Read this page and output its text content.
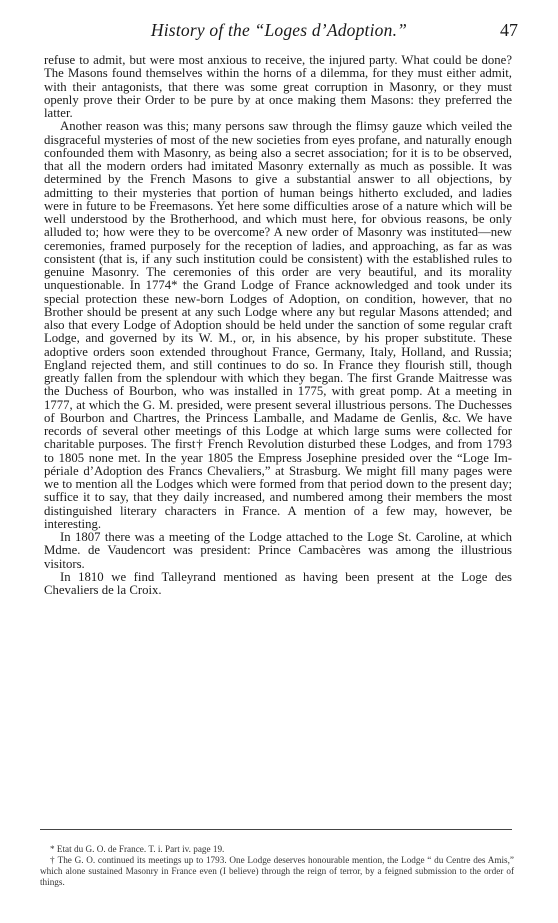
History of the “Loges d’Adoption.”	47

refuse to admit, but were most anxious to receive, the injured party. What could be done? The Masons found themselves within the horns of a dilemma, for they must either admit, with their antagonists, that there was some great corruption in Masonry, or they must openly prove their Order to be pure by at once making them Masons: they preferred the latter.

Another reason was this; many persons saw through the flimsy gauze which veiled the disgraceful mysteries of most of the new societies from eyes profane, and naturally enough confounded them with Masonry, as being also a secret association; for it is to be observed, that all the modern orders had imitated Masonry externally as much as possible. It was determined by the French Masons to give a substantial answer to all objections, by admitting to their mysteries that portion of human beings hitherto excluded, and ladies were in future to be Freemasons. Yet here some difficulties arose of a nature which will be well understood by the Brotherhood, and which must here, for obvious reasons, be only alluded to; how were they to be overcome? A new order of Masonry was instituted—new ceremonies, framed purposely for the reception of ladies, and approaching, as far as was consistent (that is, if any such institution could be consistent) with the established rules to genuine Masonry. The ceremonies of this order are very beautiful, and its morality unquestionable. In 1774* the Grand Lodge of France acknowledged and took under its special protection these new-born Lodges of Adoption, on condition, however, that no Brother should be present at any such Lodge where any but regular Masons attended; and also that every Lodge of Adoption should be held under the sanction of some regular craft Lodge, and governed by its W. M., or, in his absence, by his proper substitute. These adoptive orders soon extended throughout France, Germany, Italy, Holland, and Russia; England rejected them, and still continues to do so. In France they flourish still, though greatly fallen from the splendour with which they began. The first Grande Maitresse was the Duchess of Bourbon, who was installed in 1775, with great pomp. At a meeting in 1777, at which the G. M. presided, were present several illustrious persons. The Duchesses of Bourbon and Chartres, the Princess Lamballe, and Madame de Genlis, &c. We have records of several other meetings of this Lodge at which large sums were collected for charitable purposes. The first† French Revolution disturbed these Lodges, and from 1793 to 1805 none met. In the year 1805 the Empress Josephine presided over the “Loge Impériale d’Adoption des Francs Chevaliers,” at Strasburg. We might fill many pages were we to mention all the Lodges which were formed from that period down to the present day; suffice it to say, that they daily increased, and numbered among their members the most distinguished literary characters in France. A mention of a few may, however, be interesting.

In 1807 there was a meeting of the Lodge attached to the Loge St. Caroline, at which Mdme. de Vaudencort was president: Prince Cambacères was among the illustrious visitors.

In 1810 we find Talleyrand mentioned as having been present at the Loge des Chevaliers de la Croix.

* Etat du G. O. de France. T. i. Part iv. page 19.

† The G. O. continued its meetings up to 1793. One Lodge deserves honourable mention, the Lodge “ du Centre des Amis,” which alone sustained Masonry in France even (I believe) through the reign of terror, by a feigned submission to the order of things.
